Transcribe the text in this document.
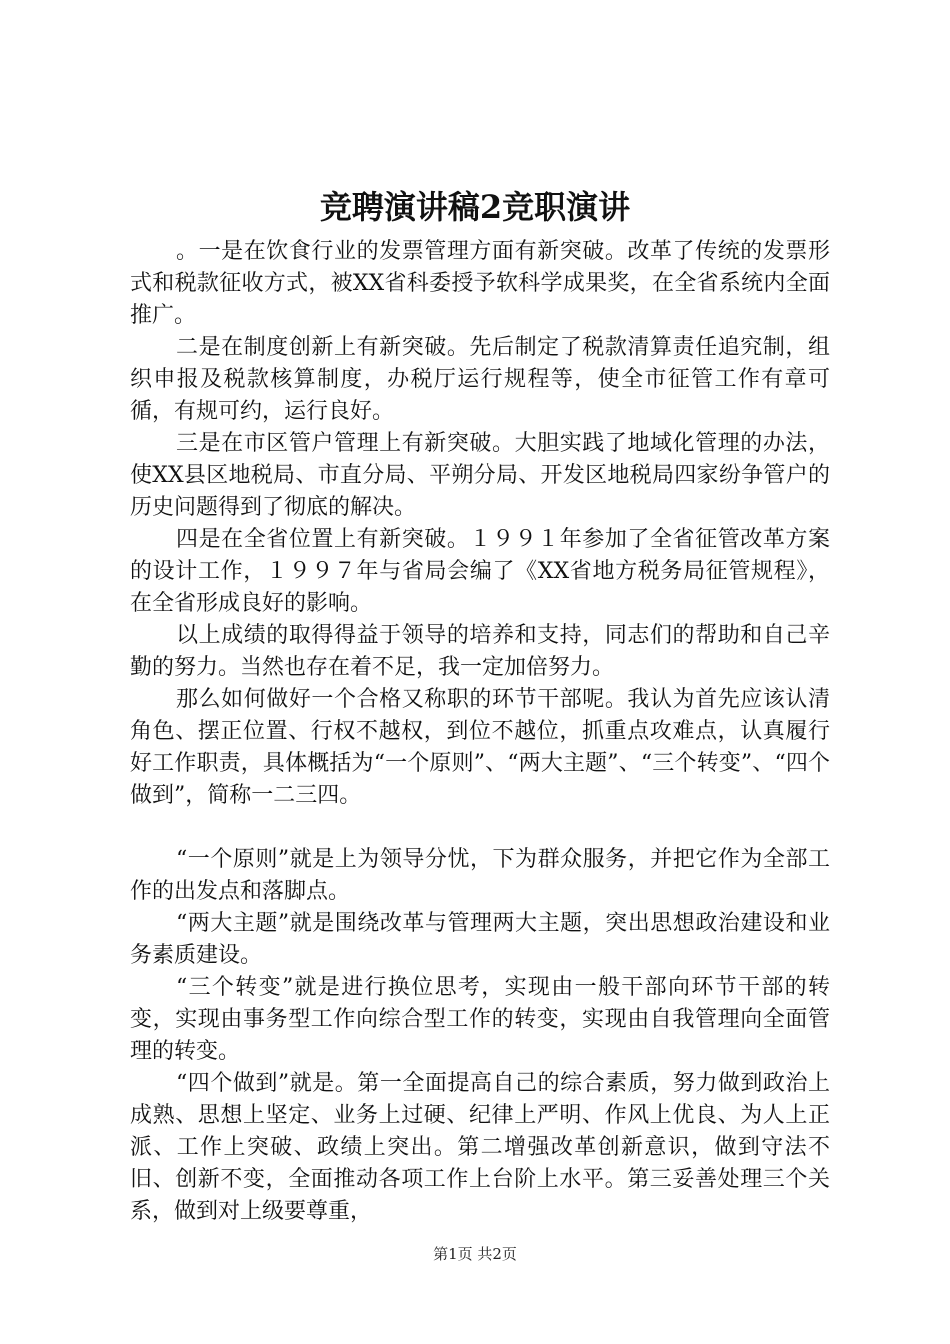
竞聘演讲稿2竞职演讲

。一是在饮食行业的发票管理方面有新突破。改革了传统的发票形式和税款征收方式，被XX省科委授予软科学成果奖，在全省系统内全面推广。

二是在制度创新上有新突破。先后制定了税款清算责任追究制，组织申报及税款核算制度，办税厅运行规程等，使全市征管工作有章可循，有规可约，运行良好。

三是在市区管户管理上有新突破。大胆实践了地域化管理的办法，使XX县区地税局、市直分局、平朔分局、开发区地税局四家纷争管户的历史问题得到了彻底的解决。

四是在全省位置上有新突破。１９９１年参加了全省征管改革方案的设计工作，１９９７年与省局会编了《XX省地方税务局征管规程》，在全省形成良好的影响。

以上成绩的取得得益于领导的培养和支持，同志们的帮助和自己辛勤的努力。当然也存在着不足，我一定加倍努力。

那么如何做好一个合格又称职的环节干部呢。我认为首先应该认清角色、摆正位置、行权不越权，到位不越位，抓重点攻难点，认真履行好工作职责，具体概括为“一个原则”、“两大主题”、“三个转变”、“四个做到”，简称一二三四。

“一个原则”就是上为领导分忧，下为群众服务，并把它作为全部工作的出发点和落脚点。

“两大主题”就是围绕改革与管理两大主题，突出思想政治建设和业务素质建设。

“三个转变”就是进行换位思考，实现由一般干部向环节干部的转变，实现由事务型工作向综合型工作的转变，实现由自我管理向全面管理的转变。

“四个做到”就是。第一全面提高自己的综合素质，努力做到政治上成熟、思想上坚定、业务上过硬、纪律上严明、作风上优良、为人上正派、工作上突破、政绩上突出。第二增强改革创新意识，做到守法不旧、创新不变，全面推动各项工作上台阶上水平。第三妥善处理三个关系，做到对上级要尊重，

第1页 共2页
